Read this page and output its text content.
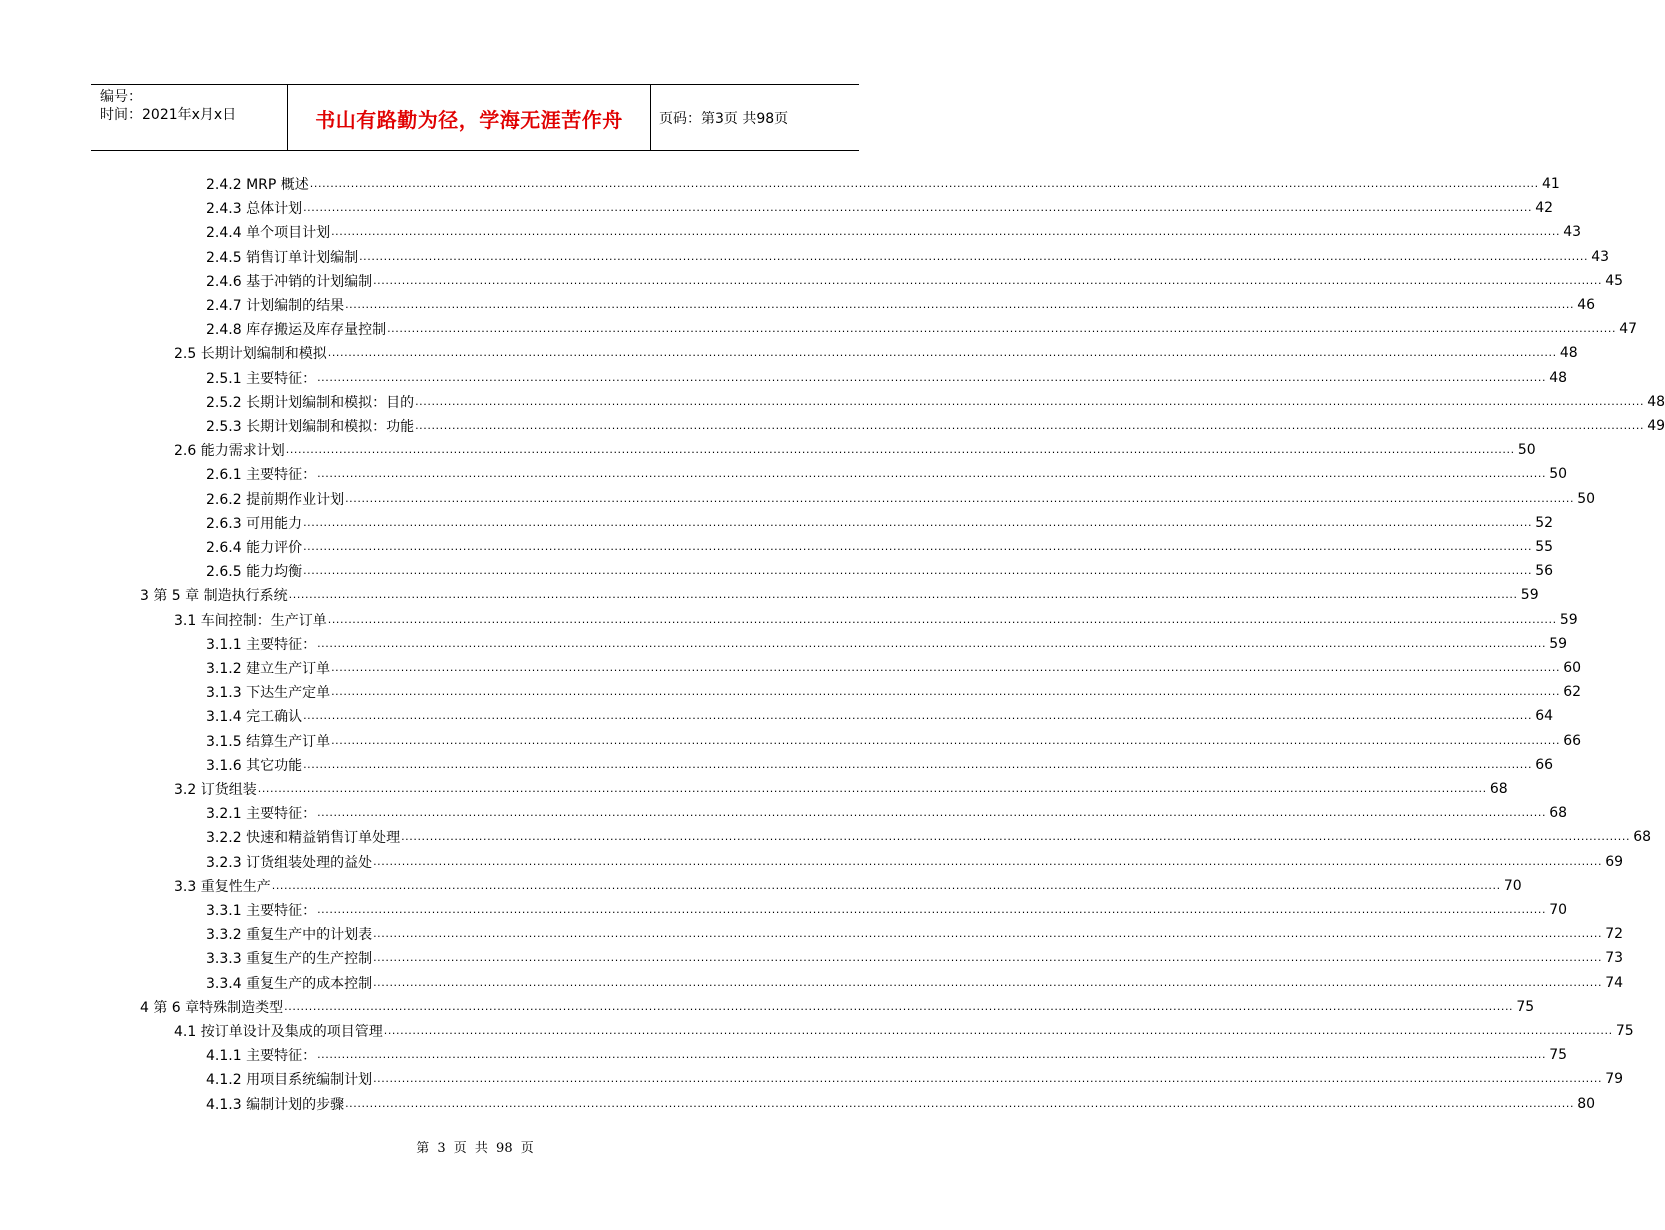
编号：
时间：2021年x月x日	书山有路勤为径，学海无涯苦作舟	页码：第3页 共98页
2.4.2 MRP 概述 ............................................................................................................................................................................................................................................................................................................ 41
2.4.3 总体计划 ............................................................................................................................................................................................................................................................................................................ 42
2.4.4 单个项目计划 ............................................................................................................................................................................................................................................................................................................ 43
2.4.5 销售订单计划编制 ............................................................................................................................................................................................................................................................................................................ 43
2.4.6 基于冲销的计划编制 ............................................................................................................................................................................................................................................................................................................ 45
2.4.7 计划编制的结果 ............................................................................................................................................................................................................................................................................................................ 46
2.4.8 库存搬运及库存量控制 ............................................................................................................................................................................................................................................................................................................ 47
2.5 长期计划编制和模拟 ............................................................................................................................................................................................................................................................................................................ 48
2.5.1 主要特征： ............................................................................................................................................................................................................................................................................................................ 48
2.5.2 长期计划编制和模拟：目的 ............................................................................................................................................................................................................................................................................................................ 48
2.5.3 长期计划编制和模拟：功能 ............................................................................................................................................................................................................................................................................................................ 49
2.6 能力需求计划 ............................................................................................................................................................................................................................................................................................................ 50
2.6.1 主要特征： ............................................................................................................................................................................................................................................................................................................ 50
2.6.2 提前期作业计划 ............................................................................................................................................................................................................................................................................................................ 50
2.6.3 可用能力 ............................................................................................................................................................................................................................................................................................................ 52
2.6.4 能力评价 ............................................................................................................................................................................................................................................................................................................ 55
2.6.5 能力均衡 ............................................................................................................................................................................................................................................................................................................ 56
3 第 5 章 制造执行系统 ............................................................................................................................................................................................................................................................................................................ 59
3.1 车间控制：生产订单 ............................................................................................................................................................................................................................................................................................................ 59
3.1.1 主要特征： ............................................................................................................................................................................................................................................................................................................ 59
3.1.2 建立生产订单 ............................................................................................................................................................................................................................................................................................................ 60
3.1.3 下达生产定单 ............................................................................................................................................................................................................................................................................................................ 62
3.1.4 完工确认 ............................................................................................................................................................................................................................................................................................................ 64
3.1.5 结算生产订单 ............................................................................................................................................................................................................................................................................................................ 66
3.1.6 其它功能 ............................................................................................................................................................................................................................................................................................................ 66
3.2 订货组装 ............................................................................................................................................................................................................................................................................................................ 68
3.2.1 主要特征： ............................................................................................................................................................................................................................................................................................................ 68
3.2.2 快速和精益销售订单处理 ............................................................................................................................................................................................................................................................................................................ 68
3.2.3 订货组装处理的益处 ............................................................................................................................................................................................................................................................................................................ 69
3.3 重复性生产 ............................................................................................................................................................................................................................................................................................................ 70
3.3.1 主要特征： ............................................................................................................................................................................................................................................................................................................ 70
3.3.2 重复生产中的计划表 ............................................................................................................................................................................................................................................................................................................ 72
3.3.3 重复生产的生产控制 ............................................................................................................................................................................................................................................................................................................ 73
3.3.4 重复生产的成本控制 ............................................................................................................................................................................................................................................................................................................ 74
4 第 6 章特殊制造类型 ............................................................................................................................................................................................................................................................................................................ 75
4.1 按订单设计及集成的项目管理 ............................................................................................................................................................................................................................................................................................................ 75
4.1.1 主要特征： ............................................................................................................................................................................................................................................................................................................ 75
4.1.2 用项目系统编制计划 ............................................................................................................................................................................................................................................................................................................ 79
4.1.3 编制计划的步骤 ............................................................................................................................................................................................................................................................................................................ 80
第 3 页 共 98 页
